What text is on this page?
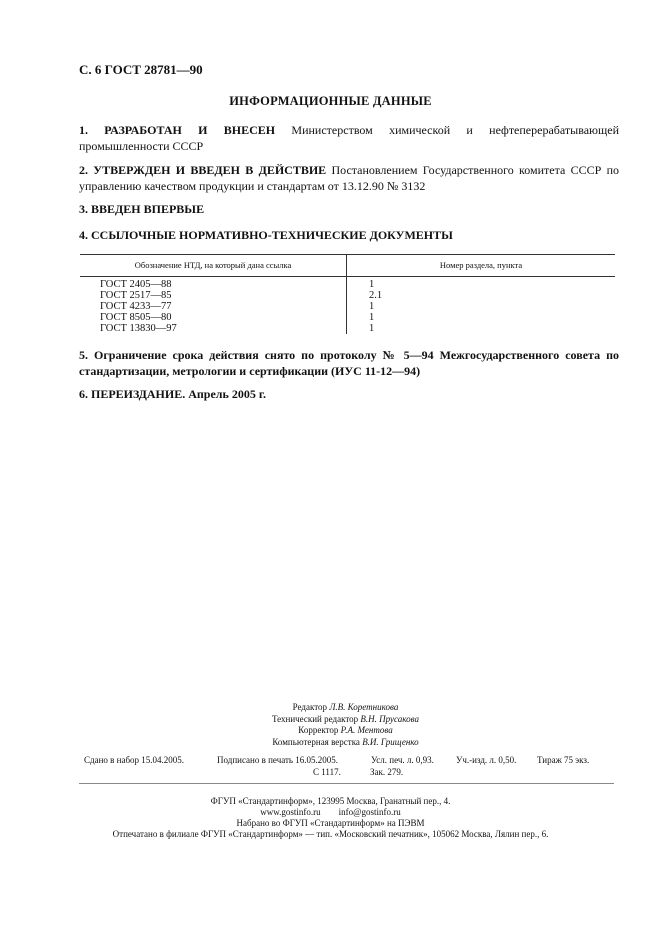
С. 6 ГОСТ 28781—90
ИНФОРМАЦИОННЫЕ ДАННЫЕ
1. РАЗРАБОТАН И ВНЕСЕН Министерством химической и нефтеперерабатывающей промышленности СССР
2. УТВЕРЖДЕН И ВВЕДЕН В ДЕЙСТВИЕ Постановлением Государственного комитета СССР по управлению качеством продукции и стандартам от 13.12.90 № 3132
3. ВВЕДЕН ВПЕРВЫЕ
4. ССЫЛОЧНЫЕ НОРМАТИВНО-ТЕХНИЧЕСКИЕ ДОКУМЕНТЫ
Обозначение НТД, на который дана ссылка	Номер раздела, пункта
ГОСТ 2405—88	1
ГОСТ 2517—85	2.1
ГОСТ 4233—77	1
ГОСТ 8505—80	1
ГОСТ 13830—97	1
5. Ограничение срока действия снято по протоколу № 5—94 Межгосударственного совета по стандартизации, метрологии и сертификации (ИУС 11-12—94)
6. ПЕРЕИЗДАНИЕ. Апрель 2005 г.
Редактор Л.В. Коретникова
Технический редактор В.Н. Прусакова
Корректор Р.А. Ментова
Компьютерная верстка В.И. Грищенко
Сдано в набор 15.04.2005.	Подписано в печать 16.05.2005.	Усл. печ. л. 0,93. Уч.-изд. л. 0,50. Тираж 75 экз.
С 1117.	Зак. 279.
ФГУП «Стандартинформ», 123995 Москва, Гранатный пер., 4.
www.gostinfo.ru        info@gostinfo.ru
Набрано во ФГУП «Стандартинформ» на ПЭВМ
Отпечатано в филиале ФГУП «Стандартинформ» — тип. «Московский печатник», 105062 Москва, Лялин пер., 6.
